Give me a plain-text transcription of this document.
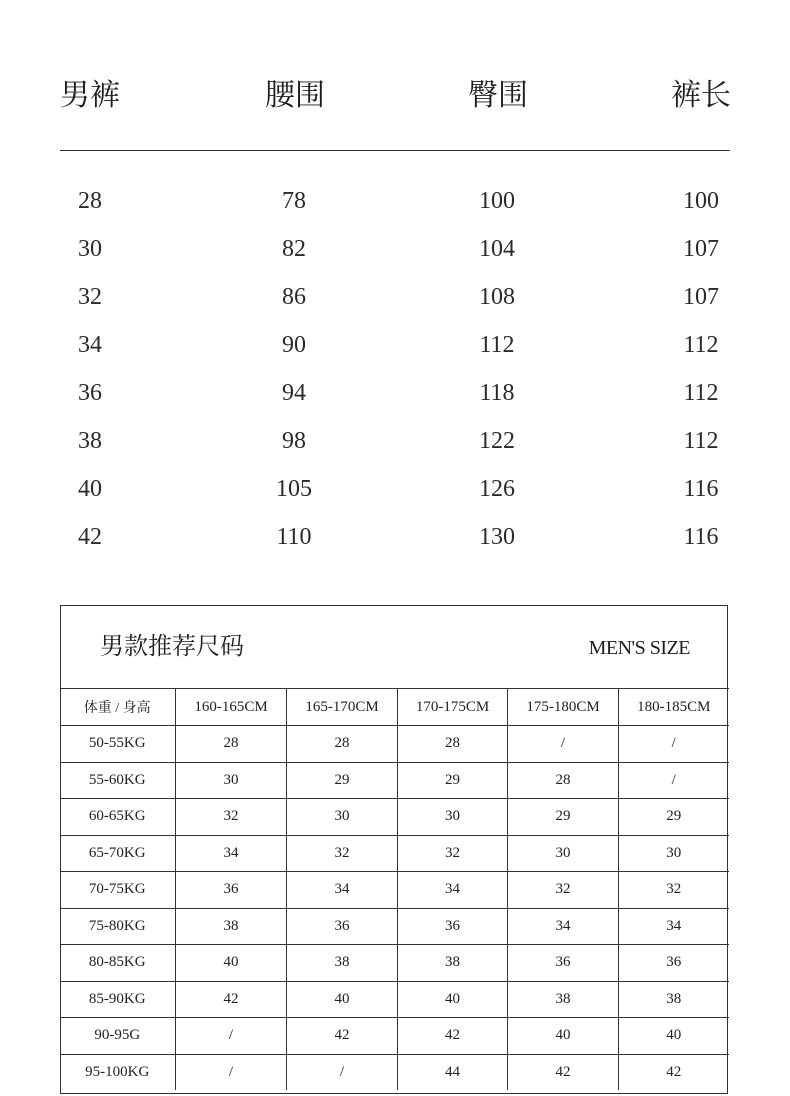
男裤	腰围	臀围	裤长
28	78	100	100
30	82	104	107
32	86	108	107
34	90	112	112
36	94	118	112
38	98	122	112
40	105	126	116
42	110	130	116
男款推荐尺码	MEN'S SIZE
体重 / 身高	160-165CM	165-170CM	170-175CM	175-180CM	180-185CM
50-55KG	28	28	28	/	/
55-60KG	30	29	29	28	/
60-65KG	32	30	30	29	29
65-70KG	34	32	32	30	30
70-75KG	36	34	34	32	32
75-80KG	38	36	36	34	34
80-85KG	40	38	38	36	36
85-90KG	42	40	40	38	38
90-95G	/	42	42	40	40
95-100KG	/	/	44	42	42
